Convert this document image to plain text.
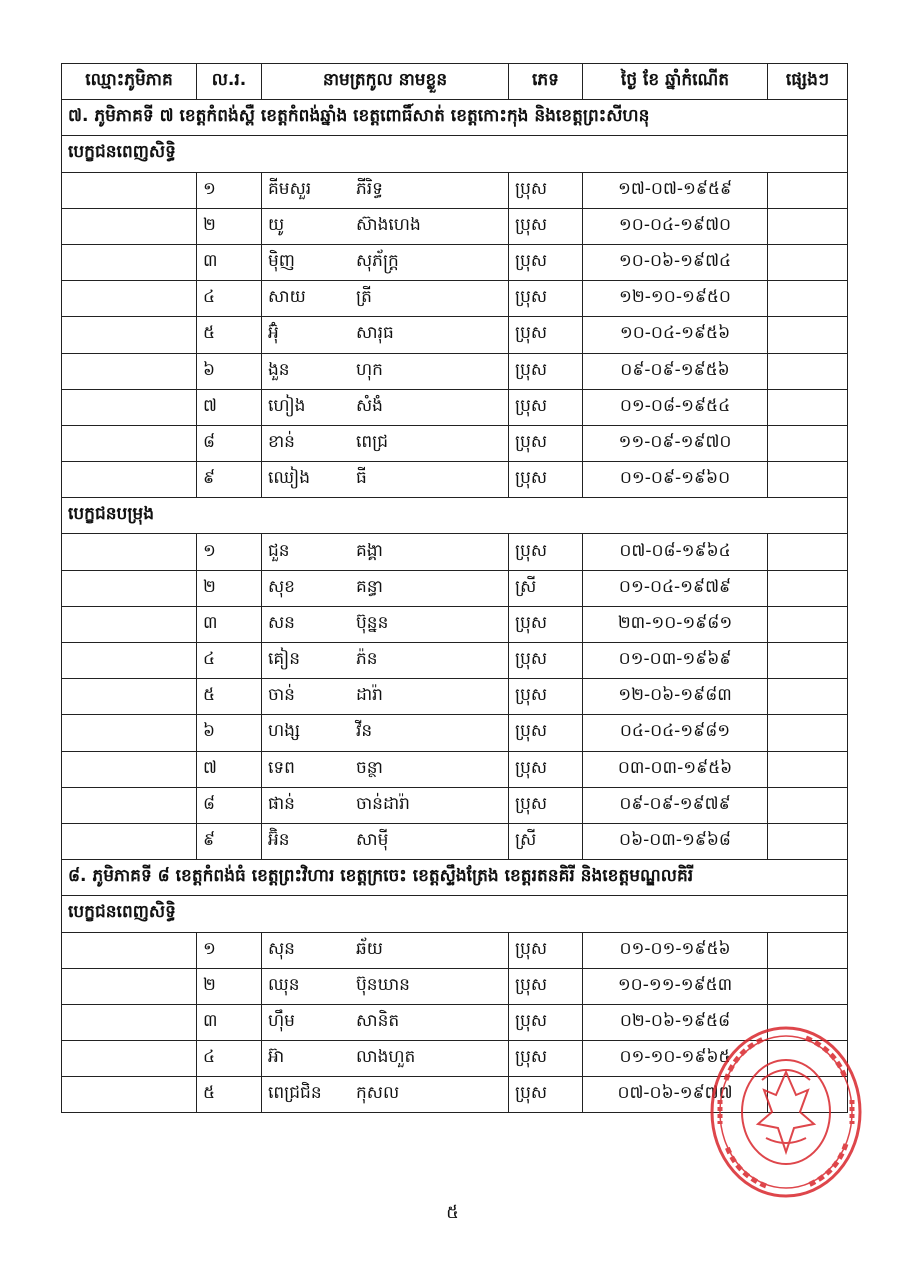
ឈ្មោះភូមិភាគ	ល.រ.	នាមត្រកូល នាមខ្លួន	ភេទ	ថ្ងៃ ខែ ឆ្នាំកំណើត	ផ្សេងៗ
៧. ភូមិភាគទី ៧ ខេត្តកំពង់ស្ពឺ ខេត្តកំពង់ឆ្នាំង ខេត្តពោធិ៍សាត់ ខេត្តកោះកុង និងខេត្តព្រះសីហនុ					
បេក្ខជនពេញសិទ្ធិ					
	១	គីមសួរ ភីរិទ្ធ	ប្រុស	១៧-០៧-១៩៥៩	
	២	យូ ស៊ាងហេង	ប្រុស	១០-០៤-១៩៧០	
	៣	ម៉ិញ សុភ័ក្ត្រ	ប្រុស	១០-០៦-១៩៧៤	
	៤	សាយ ត្រី	ប្រុស	១២-១០-១៩៥០	
	៥	អ៊ុំ សារុធ	ប្រុស	១០-០៤-១៩៥៦	
	៦	ងួន ហុក	ប្រុស	០៩-០៩-១៩៥៦	
	៧	ហៀង សំងំ	ប្រុស	០១-០៨-១៩៥៤	
	៨	ខាន់ ពេជ្រ	ប្រុស	១១-០៩-១៩៧០	
	៩	ឈៀង ធី	ប្រុស	០១-០៩-១៩៦០	
បេក្ខជនបម្រុង					
	១	ជួន គង្គា	ប្រុស	០៧-០៨-១៩៦៤	
	២	សុខ គន្ធា	ស្រី	០១-០៤-១៩៧៩	
	៣	សន ប៊ុន្នន	ប្រុស	២៣-១០-១៩៨១	
	៤	គៀន ភ៉ន	ប្រុស	០១-០៣-១៩៦៩	
	៥	ចាន់ ដារ៉ា	ប្រុស	១២-០៦-១៩៨៣	
	៦	ហង្ស វីន	ប្រុស	០៤-០៤-១៩៨១	
	៧	ទេព ចន្ថា	ប្រុស	០៣-០៣-១៩៥៦	
	៨	ផាន់ ចាន់ដារ៉ា	ប្រុស	០៩-០៩-១៩៧៩	
	៩	អ៊ិន សាម៉ី	ស្រី	០៦-០៣-១៩៦៨	
៨. ភូមិភាគទី ៨ ខេត្តកំពង់ធំ ខេត្តព្រះវិហារ ខេត្តក្រចេះ ខេត្តស្ទឹងត្រែង ខេត្តរតនគិរី និងខេត្តមណ្ឌលគិរី					
បេក្ខជនពេញសិទ្ធិ					
	១	សុន ឆ័យ	ប្រុស	០១-០១-១៩៥៦	
	២	ឈុន ប៊ុនឃាន	ប្រុស	១០-១១-១៩៥៣	
	៣	ហ៊ឹម សានិត	ប្រុស	០២-០៦-១៩៥៨	
	៤	អ៊ា លាងហួត	ប្រុស	០១-១០-១៩៦៥	
	៥	ពេជ្រជិន កុសល	ប្រុស	០៧-០៦-១៩៧៧	
៥
